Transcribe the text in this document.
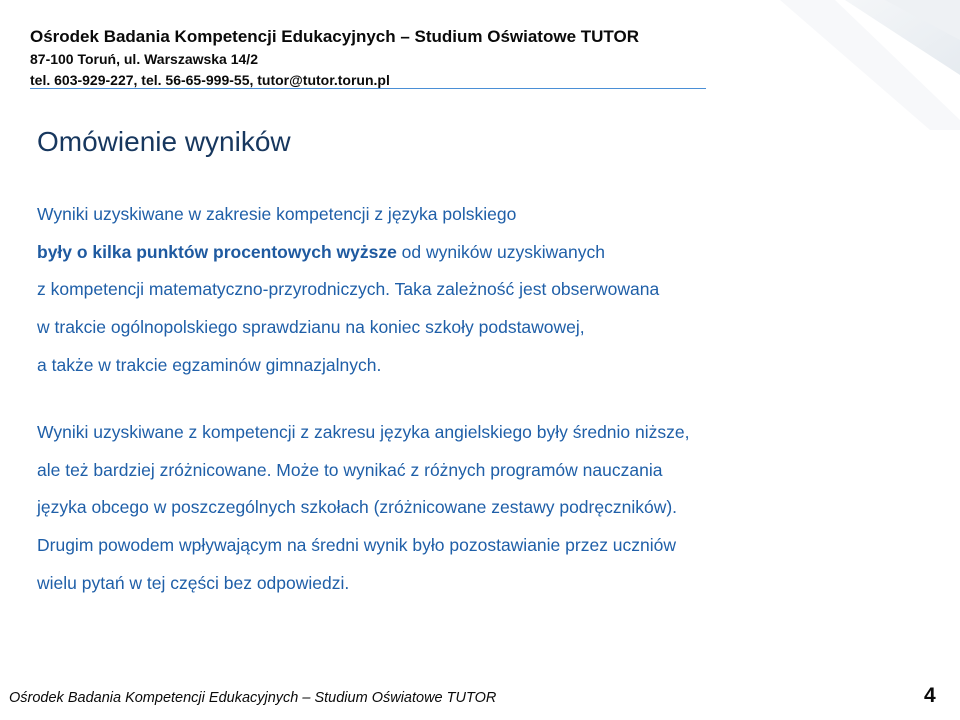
Ośrodek Badania Kompetencji Edukacyjnych – Studium Oświatowe TUTOR
87-100 Toruń, ul. Warszawska 14/2
tel. 603-929-227, tel. 56-65-999-55, tutor@tutor.torun.pl
Omówienie wyników
Wyniki uzyskiwane w zakresie kompetencji z języka polskiego
były o kilka punktów procentowych wyższe od wyników uzyskiwanych
z kompetencji matematyczno-przyrodniczych. Taka zależność jest obserwowana
w trakcie ogólnopolskiego sprawdzianu na koniec szkoły podstawowej,
a także w trakcie egzaminów gimnazjalnych.
Wyniki uzyskiwane z kompetencji z zakresu języka angielskiego były średnio niższe,
ale też bardziej zróżnicowane. Może to wynikać z różnych programów nauczania
języka obcego w poszczególnych szkołach (zróżnicowane zestawy podręczników).
Drugim powodem wpływającym na średni wynik było pozostawianie przez uczniów
wielu pytań w tej części bez odpowiedzi.
Ośrodek Badania Kompetencji Edukacyjnych – Studium Oświatowe TUTOR	4
